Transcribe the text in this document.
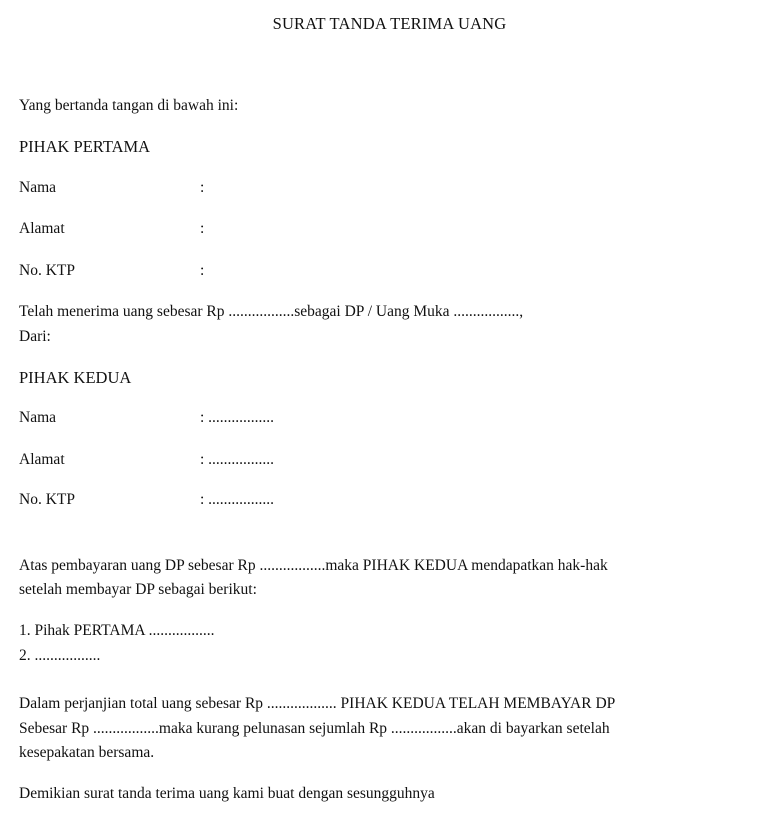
SURAT TANDA TERIMA UANG
Yang bertanda tangan di bawah ini:
PIHAK PERTAMA
Nama	:
Alamat	:
No. KTP	:
Telah menerima uang sebesar Rp .................sebagai DP / Uang Muka .................,
Dari:
PIHAK KEDUA
Nama	: .................
Alamat	: .................
No. KTP	: .................
Atas pembayaran uang DP sebesar Rp .................maka PIHAK KEDUA mendapatkan hak-hak
setelah membayar DP sebagai berikut:
1. Pihak PERTAMA .................
2. .................
Dalam perjanjian total uang sebesar Rp .................. PIHAK KEDUA TELAH MEMBAYAR DP
Sebesar Rp .................maka kurang pelunasan sejumlah Rp .................akan di bayarkan setelah
kesepakatan bersama.
Demikian surat tanda terima uang kami buat dengan sesungguhnya
